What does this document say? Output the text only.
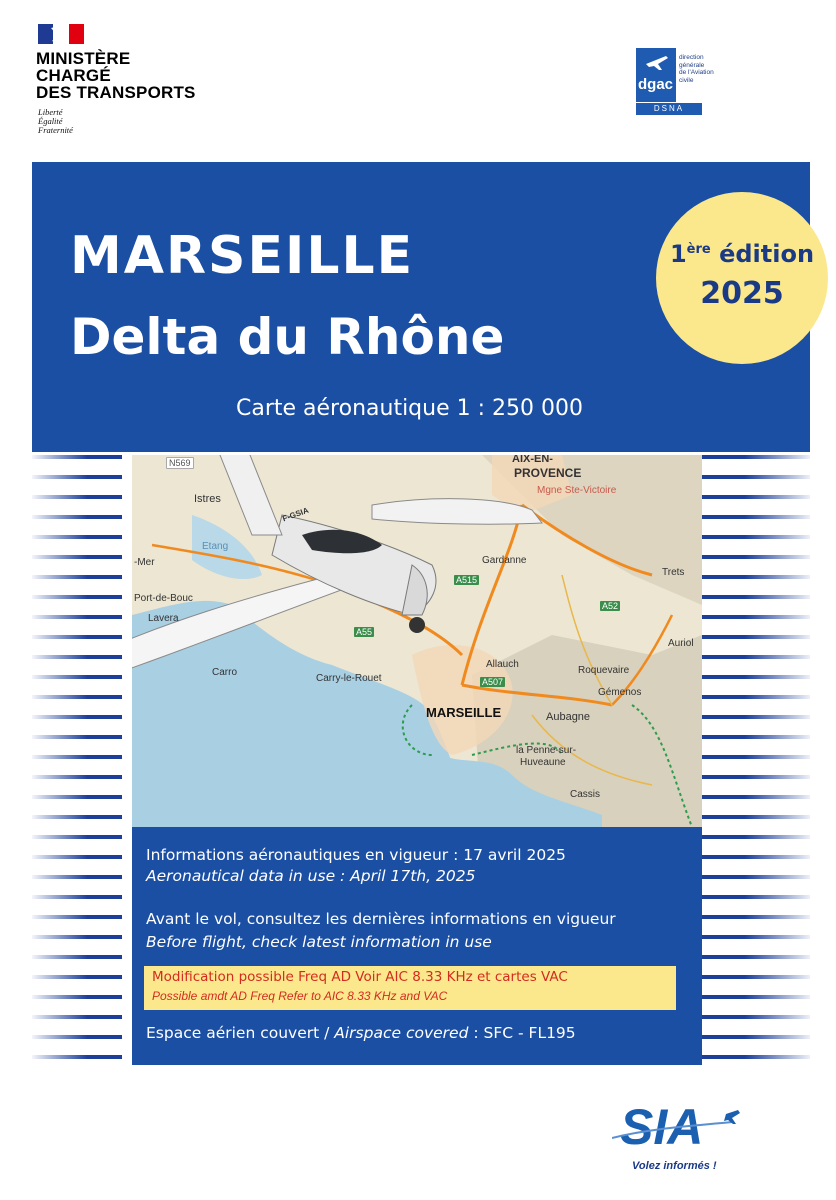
MINISTÈRE
CHARGÉ
DES TRANSPORTS
Liberté
Égalité
Fraternité
dgac
direction
générale
de l'Aviation
civile
DSNA
MARSEILLE
Delta du Rhône
Carte aéronautique 1 : 250 000
1ère édition
2025
AIX-EN-
PROVENCE
Mgne Ste-Victoire
Istres
Etang
-Mer
Port-de-Bouc
Lavera
Carro
Carry-le-Rouet
Gardanne
Trets
Auriol
Allauch
Roquevaire
Gémenos
MARSEILLE	Aubagne
la Penne-sur-
Huveaune
Cassis
F-GSIA
N569
A515
A52
A55
A507
Informations aéronautiques en vigueur : 17 avril 2025
Aeronautical data in use : April 17th, 2025
Avant le vol, consultez les dernières informations en vigueur
Before flight, check latest information in use
Modification possible Freq AD Voir AIC 8.33 KHz et cartes VAC
Possible amdt AD Freq Refer to AIC 8.33 KHz and VAC
Espace aérien couvert / Airspace covered : SFC - FL195
SIA
Volez informés !
